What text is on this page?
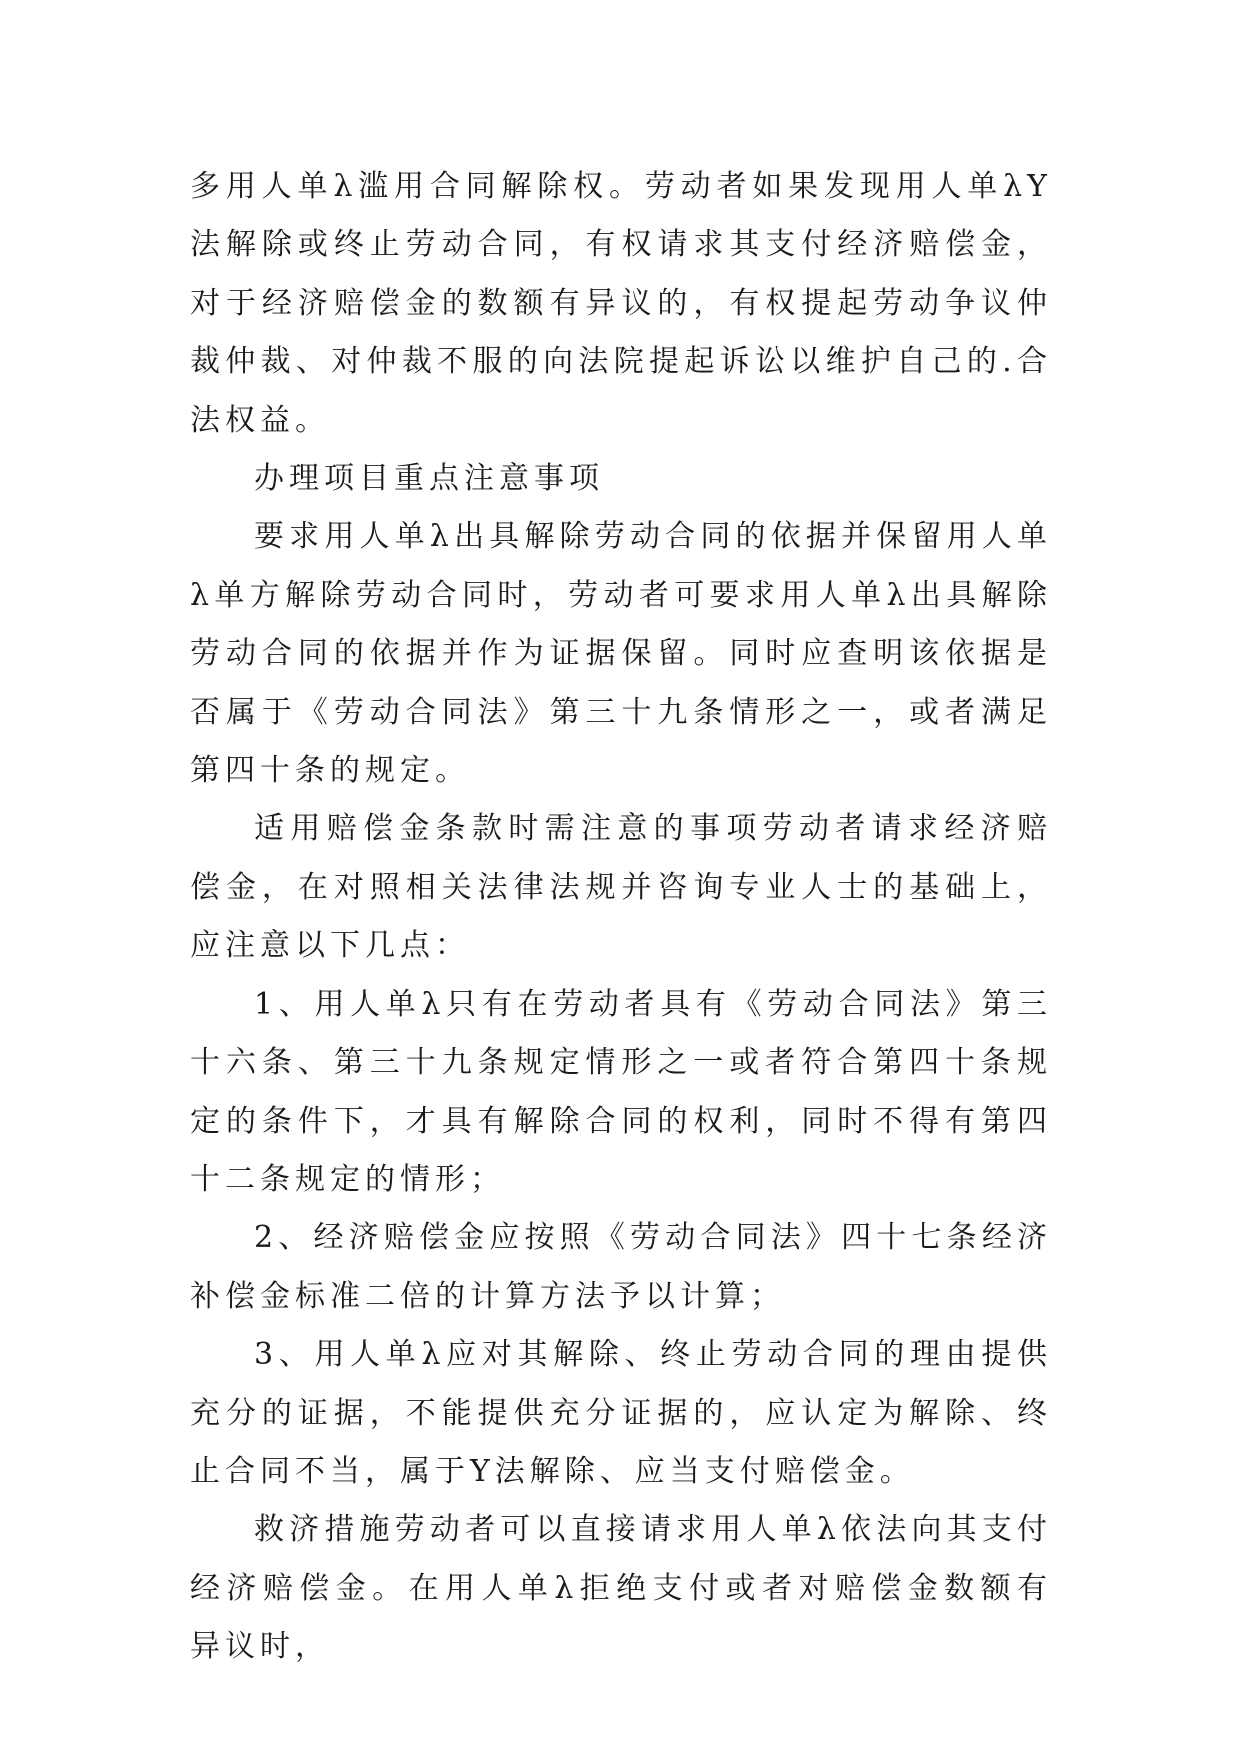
多用人单λ滥用合同解除权。劳动者如果发现用人单λY法解除或终止劳动合同，有权请求其支付经济赔偿金，对于经济赔偿金的数额有异议的，有权提起劳动争议仲裁仲裁、对仲裁不服的向法院提起诉讼以维护自己的.合法权益。

办理项目重点注意事项

要求用人单λ出具解除劳动合同的依据并保留用人单λ单方解除劳动合同时，劳动者可要求用人单λ出具解除劳动合同的依据并作为证据保留。同时应查明该依据是否属于《劳动合同法》第三十九条情形之一，或者满足第四十条的规定。

适用赔偿金条款时需注意的事项劳动者请求经济赔偿金，在对照相关法律法规并咨询专业人士的基础上，应注意以下几点：

1、用人单λ只有在劳动者具有《劳动合同法》第三十六条、第三十九条规定情形之一或者符合第四十条规定的条件下，才具有解除合同的权利，同时不得有第四十二条规定的情形；

2、经济赔偿金应按照《劳动合同法》四十七条经济补偿金标准二倍的计算方法予以计算；

3、用人单λ应对其解除、终止劳动合同的理由提供充分的证据，不能提供充分证据的，应认定为解除、终止合同不当，属于Y法解除、应当支付赔偿金。

救济措施劳动者可以直接请求用人单λ依法向其支付经济赔偿金。在用人单λ拒绝支付或者对赔偿金数额有异议时，
